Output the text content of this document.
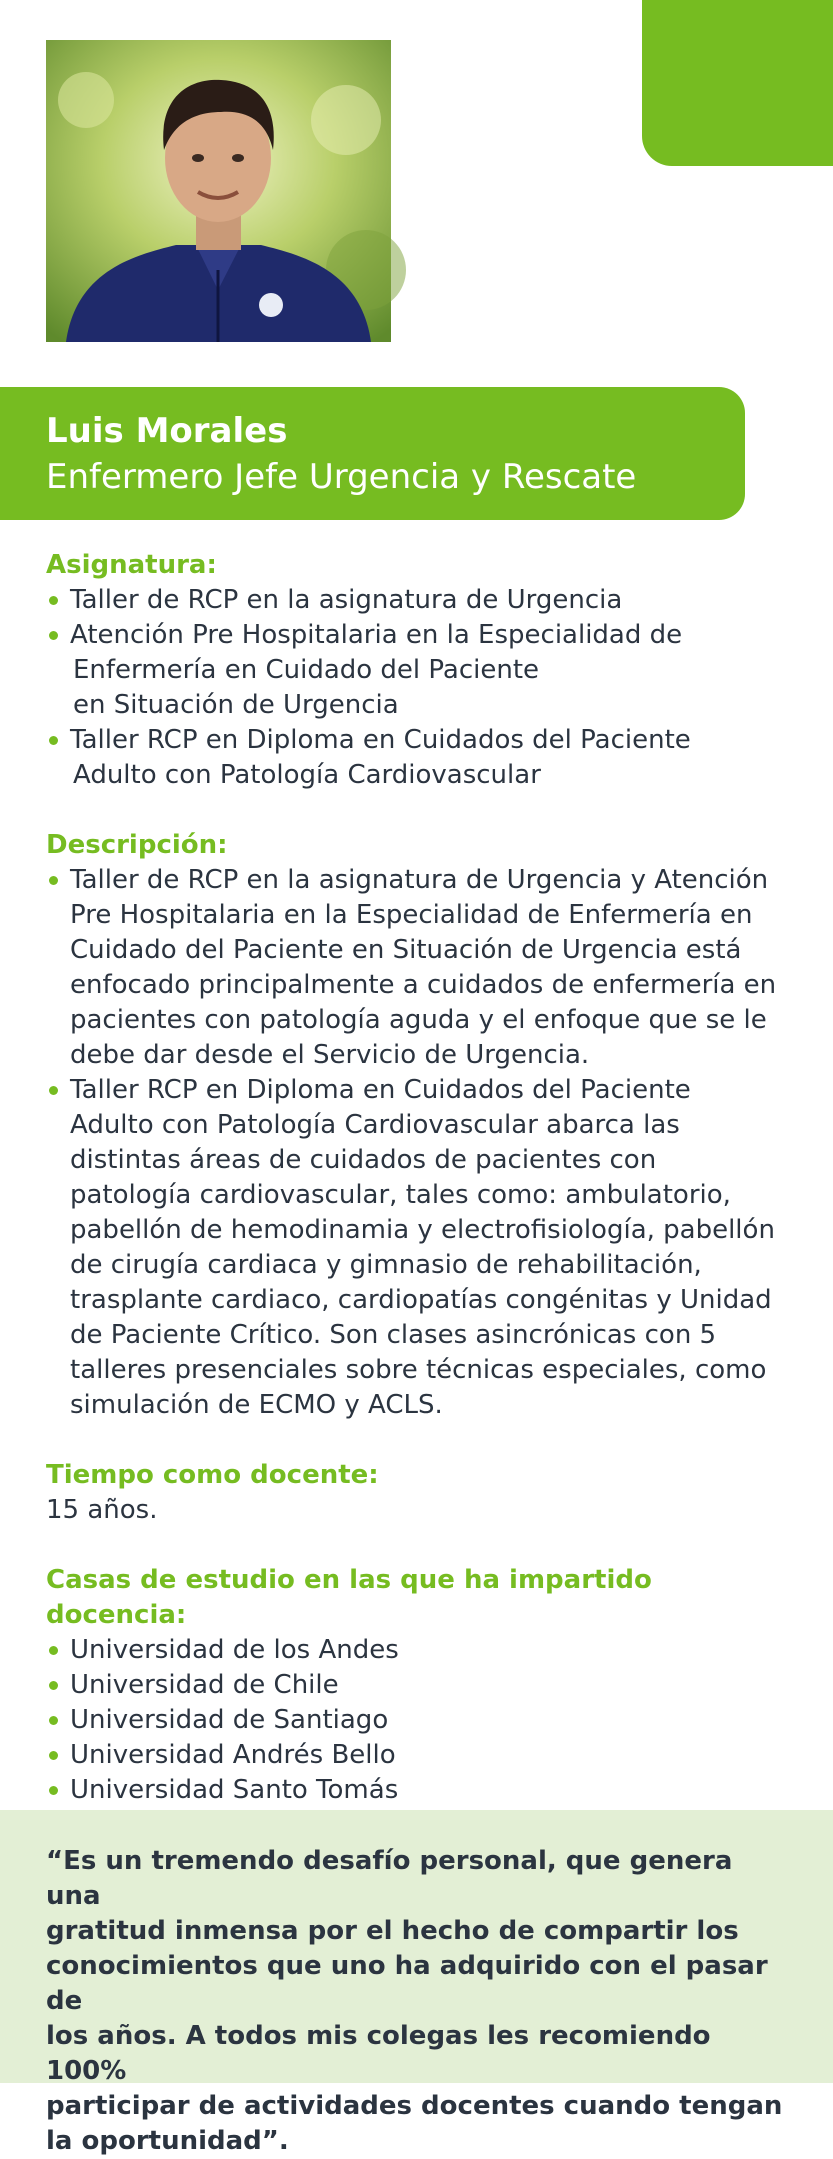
Luis Morales
Enfermero Jefe Urgencia y Rescate
Asignatura:
Taller de RCP en la asignatura de Urgencia
Atención Pre Hospitalaria en la Especialidad de
Enfermería en Cuidado del Paciente
en Situación de Urgencia
Taller RCP en Diploma en Cuidados del Paciente
Adulto con Patología Cardiovascular
Descripción:
Taller de RCP en la asignatura de Urgencia y Atención
Pre Hospitalaria en la Especialidad de Enfermería en
Cuidado del Paciente en Situación de Urgencia está
enfocado principalmente a cuidados de enfermería en
pacientes con patología aguda y el enfoque que se le
debe dar desde el Servicio de Urgencia.
Taller RCP en Diploma en Cuidados del Paciente
Adulto con Patología Cardiovascular abarca las
distintas áreas de cuidados de pacientes con
patología cardiovascular, tales como: ambulatorio,
pabellón de hemodinamia y electrofisiología, pabellón
de cirugía cardiaca y gimnasio de rehabilitación,
trasplante cardiaco, cardiopatías congénitas y Unidad
de Paciente Crítico. Son clases asincrónicas con 5
talleres presenciales sobre técnicas especiales, como
simulación de ECMO y ACLS.
Tiempo como docente:
15 años.
Casas de estudio en las que ha impartido docencia:
Universidad de los Andes
Universidad de Chile
Universidad de Santiago
Universidad Andrés Bello
Universidad Santo Tomás
“Es un tremendo desafío personal, que genera una
gratitud inmensa por el hecho de compartir los
conocimientos que uno ha adquirido con el pasar de
los años. A todos mis colegas les recomiendo 100%
participar de actividades docentes cuando tengan
la oportunidad”.
